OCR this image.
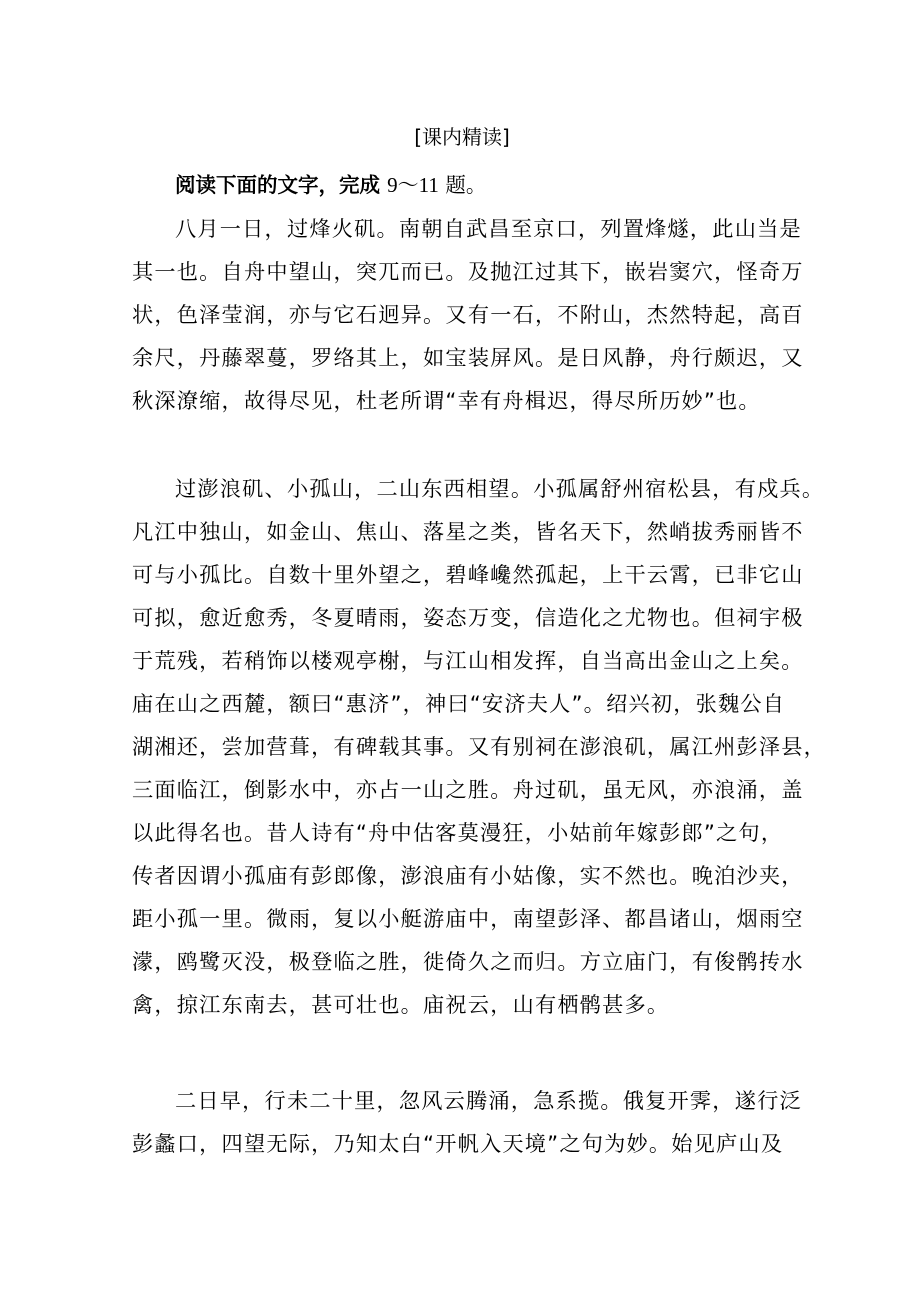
[课内精读]
阅读下面的文字，完成 9～11 题。
八月一日，过烽火矶。南朝自武昌至京口，列置烽燧，此山当是
其一也。自舟中望山，突兀而已。及抛江过其下，嵌岩窦穴，怪奇万
状，色泽莹润，亦与它石迥异。又有一石，不附山，杰然特起，高百
余尺，丹藤翠蔓，罗络其上，如宝装屏风。是日风静，舟行颇迟，又
秋深潦缩，故得尽见，杜老所谓“幸有舟楫迟，得尽所历妙”也。
过澎浪矶、小孤山，二山东西相望。小孤属舒州宿松县，有戍兵。
凡江中独山，如金山、焦山、落星之类，皆名天下，然峭拔秀丽皆不
可与小孤比。自数十里外望之，碧峰巉然孤起，上干云霄，已非它山
可拟，愈近愈秀，冬夏晴雨，姿态万变，信造化之尤物也。但祠宇极
于荒残，若稍饰以楼观亭榭，与江山相发挥，自当高出金山之上矣。
庙在山之西麓，额曰“惠济”，神曰“安济夫人”。绍兴初，张魏公自
湖湘还，尝加营葺，有碑载其事。又有别祠在澎浪矶，属江州彭泽县，
三面临江，倒影水中，亦占一山之胜。舟过矶，虽无风，亦浪涌，盖
以此得名也。昔人诗有“舟中估客莫漫狂，小姑前年嫁彭郎”之句，
传者因谓小孤庙有彭郎像，澎浪庙有小姑像，实不然也。晚泊沙夹，
距小孤一里。微雨，复以小艇游庙中，南望彭泽、都昌诸山，烟雨空
濛，鸥鹭灭没，极登临之胜，徙倚久之而归。方立庙门，有俊鹘抟水
禽，掠江东南去，甚可壮也。庙祝云，山有栖鹘甚多。
二日早，行未二十里，忽风云腾涌，急系揽。俄复开霁，遂行泛
彭蠡口，四望无际，乃知太白“开帆入天境”之句为妙。始见庐山及
